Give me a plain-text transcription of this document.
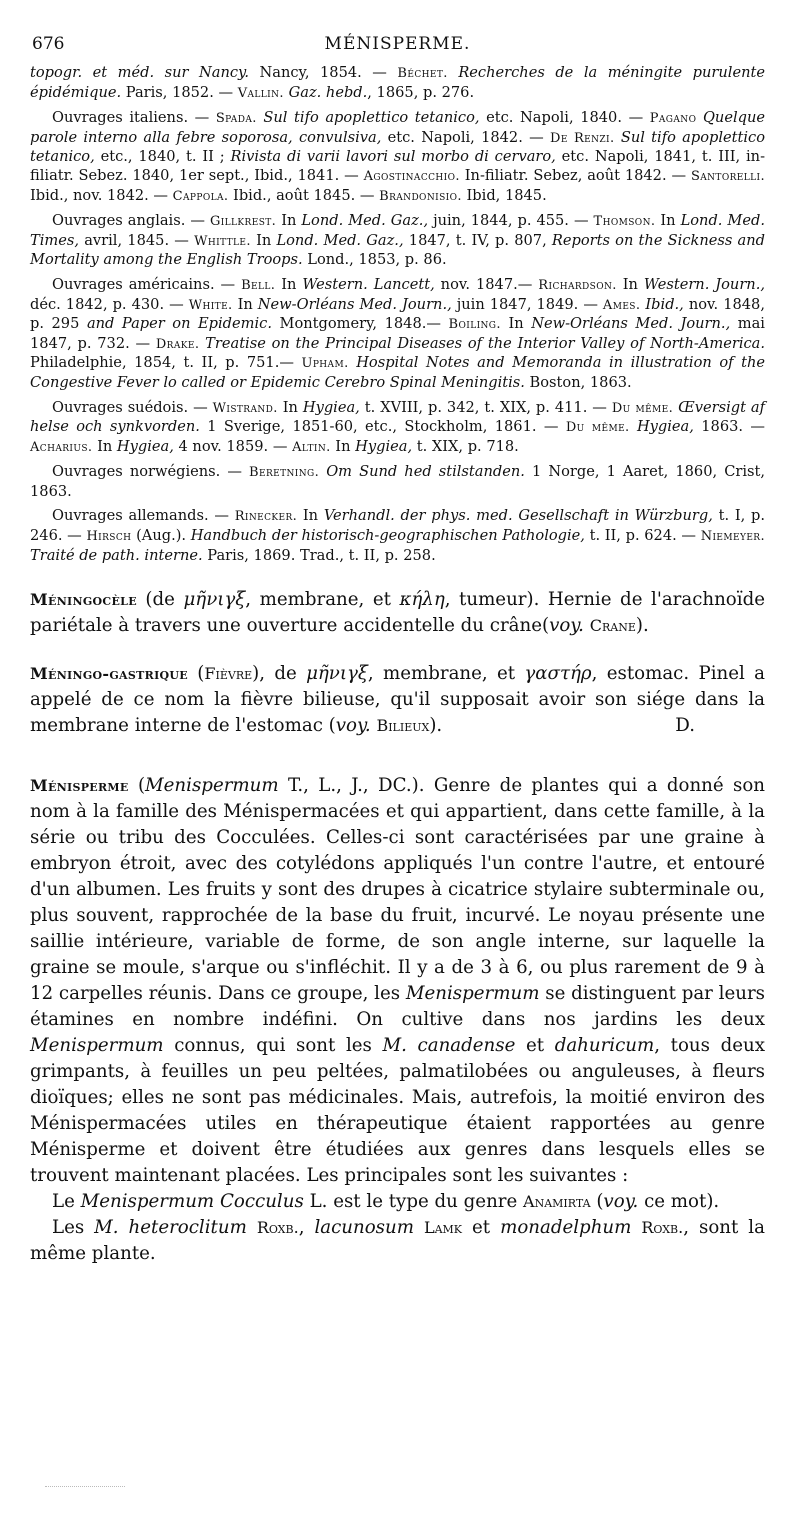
676	MÉNISPERME.

topogr. et méd. sur Nancy. Nancy, 1854. — Béchet. Recherches de la méningite purulente épidémique. Paris, 1852. — Vallin. Gaz. hebd., 1865, p. 276.

Ouvrages italiens. — Spada. Sul tifo apoplettico tetanico, etc. Napoli, 1840. — Pagano Quelque parole interno alla febre soporosa, convulsiva, etc. Napoli, 1842. — De Renzi. Sul tifo apoplettico tetanico, etc., 1840, t. II ; Rivista di varii lavori sul morbo di cervaro, etc. Napoli, 1841, t. III, in-filiatr. Sebez. 1840, 1er sept., Ibid., 1841. — Agostinacchio. In-filiatr. Sebez, août 1842. — Santorelli. Ibid., nov. 1842. — Cappola. Ibid., août 1845. — Brandonisio. Ibid, 1845.

Ouvrages anglais. — Gillkrest. In Lond. Med. Gaz., juin, 1844, p. 455. — Thomson. In Lond. Med. Times, avril, 1845. — Whittle. In Lond. Med. Gaz., 1847, t. IV, p. 807, Reports on the Sickness and Mortality among the English Troops. Lond., 1853, p. 86.

Ouvrages américains. — Bell. In Western. Lancett, nov. 1847.— Richardson. In Western. Journ., déc. 1842, p. 430. — White. In New-Orléans Med. Journ., juin 1847, 1849. — Ames. Ibid., nov. 1848, p. 295 and Paper on Epidemic. Montgomery, 1848.— Boiling. In New-Orléans Med. Journ., mai 1847, p. 732. — Drake. Treatise on the Principal Diseases of the Interior Valley of North-America. Philadelphie, 1854, t. II, p. 751.— Upham. Hospital Notes and Memoranda in illustration of the Congestive Fever lo called or Epidemic Cerebro Spinal Meningitis. Boston, 1863.

Ouvrages suédois. — Wistrand. In Hygiea, t. XVIII, p. 342, t. XIX, p. 411. — Du même. Œversigt af helse och synkvorden. 1 Sverige, 1851-60, etc., Stockholm, 1861. — Du même. Hygiea, 1863. — Acharius. In Hygiea, 4 nov. 1859. — Altin. In Hygiea, t. XIX, p. 718.

Ouvrages norwégiens. — Beretning. Om Sund hed stilstanden. 1 Norge, 1 Aaret, 1860, Crist, 1863.

Ouvrages allemands. — Rinecker. In Verhandl. der phys. med. Gesellschaft in Würzburg, t. I, p. 246. — Hirsch (Aug.). Handbuch der historisch-geographischen Pathologie, t. II, p. 624. — Niemeyer. Traité de path. interne. Paris, 1869. Trad., t. II, p. 258.

Méningocèle (de μῆνιγξ, membrane, et κήλη, tumeur). Hernie de l'arachnoïde pariétale à travers une ouverture accidentelle du crâne(voy. Crane).

Méningo-gastrique (Fièvre), de μῆνιγξ, membrane, et γαστήρ, estomac. Pinel a appelé de ce nom la fièvre bilieuse, qu'il supposait avoir son siége dans la membrane interne de l'estomac (voy. Bilieux).	D.

Ménisperme (Menispermum T., L., J., DC.). Genre de plantes qui a donné son nom à la famille des Ménispermacées et qui appartient, dans cette famille, à la série ou tribu des Cocculées. Celles-ci sont caractérisées par une graine à embryon étroit, avec des cotylédons appliqués l'un contre l'autre, et entouré d'un albumen. Les fruits y sont des drupes à cicatrice stylaire subterminale ou, plus souvent, rapprochée de la base du fruit, incurvé. Le noyau présente une saillie intérieure, variable de forme, de son angle interne, sur laquelle la graine se moule, s'arque ou s'infléchit. Il y a de 3 à 6, ou plus rarement de 9 à 12 carpelles réunis. Dans ce groupe, les Menispermum se distinguent par leurs étamines en nombre indéfini. On cultive dans nos jardins les deux Menispermum connus, qui sont les M. canadense et dahuricum, tous deux grimpants, à feuilles un peu peltées, palmatilobées ou anguleuses, à fleurs dioïques; elles ne sont pas médicinales. Mais, autrefois, la moitié environ des Ménispermacées utiles en thérapeutique étaient rapportées au genre Ménisperme et doivent être étudiées aux genres dans lesquels elles se trouvent maintenant placées. Les principales sont les suivantes :

Le Menispermum Cocculus L. est le type du genre Anamirta (voy. ce mot).

Les M. heteroclitum Roxb., lacunosum Lamk et monadelphum Roxb., sont la même plante.
